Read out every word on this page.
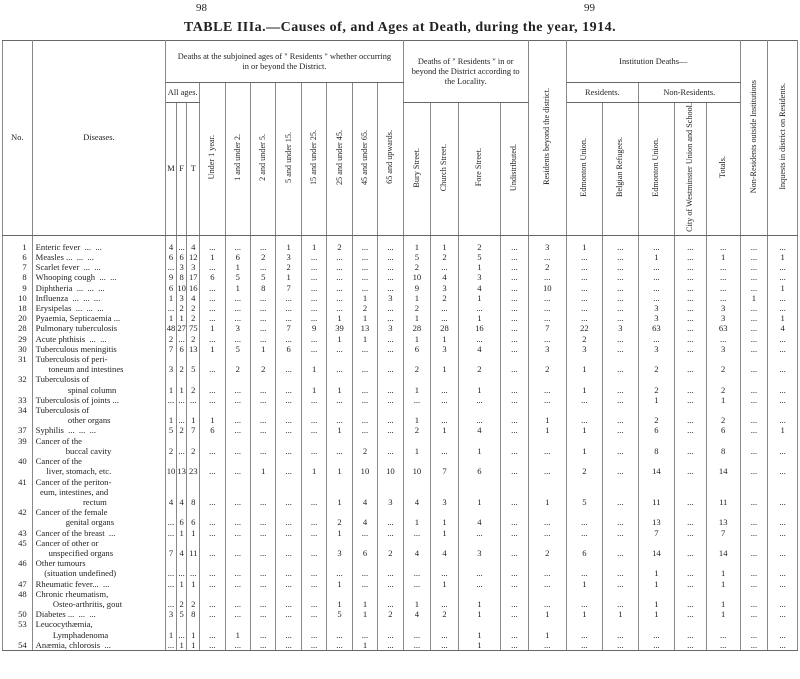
98	99
TABLE IIIa.—Causes of, and Ages at Death, during the year, 1914.
No.	Diseases.	Deaths at the subjoined ages of " Residents " whether occurring in or beyond the District.											Deaths of " Residents " in or beyond the District according to the Locality.				Residents beyond the district.	Institution Deaths—					Non-Residents outside Institutions	Inquests in district on Residents.
		All ages.			Under 1 year.	1 and under 2.	2 and under 5.	5 and under 15.	15 and under 25.	25 and under 45.	45 and under 65.	65 and upwards.						Residents.		Non-Residents.				
		M	F	T									Bury Street.	Church Street.	Fore Street.	Undistributed.		Edmonton Union.	Belgian Refugees.	Edmonton Union.	City of Westminster Union and School.	Totals.		

1	Enteric fever  ...  ...	4	...	4	...	...	...	1	1	2	...	...	1	1	2	...	3	1	...	...	...	...	...	...
6	Measles ...  ...  ...	6	6	12	1	6	2	3	...	...	...	...	5	2	5	...	...	...	...	1	...	1	...	1
7	Scarlet fever  ...  ...	...	3	3	...	1	...	2	...	...	...	...	2	...	1	...	2	...	...	...	...	...	...	...
8	Whooping cough  ...  ...	9	8	17	6	5	5	1	...	...	...	...	10	4	3	...	...	...	...	...	...	...	...	...
9	Diphtheria  ...  ...  ...	6	10	16	...	1	8	7	...	...	...	...	9	3	4	...	10	...	...	...	...	...	...	1
10	Influenza  ...  ...  ...	1	3	4	...	...	...	...	...	...	1	3	1	2	1	...	...	...	...	...	...	...	1	...
18	Erysipelas  ...  ...  ...	...	2	2	...	...	...	...	...	...	2	...	2	...	...	...	...	...	...	3	...	3	...	...
20	Pyaemia, Septicaemia ...	1	1	2	...	...	...	...	...	1	1	...	1	...	1	...	...	...	...	3	...	3	...	1
28	Pulmonary tuberculosis	48	27	75	1	3	...	7	9	39	13	3	28	28	16	...	7	22	3	63	...	63	...	4
29	Acute phthisis  ...  ...	2	...	2	...	...	...	...	...	1	1	...	1	1	...	...	...	2	...	...	...	...	...	...
30	Tuberculous meningitis	7	6	13	1	5	1	6	...	...	...	...	6	3	4	...	3	3	...	3	...	3	...	...
31	Tuberculosis of peri-																							
	toneum and intestines	3	2	5	...	2	2	...	1	...	...	...	2	1	2	...	2	1	...	2	...	2	...	...
32	Tuberculosis of																							
	spinal column	1	1	2	...	...	...	...	1	1	...	...	1	...	1	...	...	1	...	2	...	2	...	...
33	Tuberculosis of joints ...	...	...	...	...	...	...	...	...	...	...	...	...	...	...	...	...	...	...	1	...	1	...	...
34	Tuberculosis of																							
	other organs	1	...	1	1	...	...	...	...	...	...	...	1	...	...	...	1	...	...	2	...	2	...	...
37	Syphilis  ...  ...  ...	5	2	7	6	...	...	...	...	1	...	...	2	1	4	...	1	1	...	6	...	6	...	1
39	Cancer of the																							
	buccal cavity	2	...	2	...	...	...	...	...	...	2	...	1	...	1	...	...	1	...	8	...	8	...	...
40	Cancer of the																							
	liver, stomach, etc.	10	13	23	...	...	1	...	1	1	10	10	10	7	6	...	...	2	...	14	...	14	...	...
41	Cancer of the periton-																							
	eum, intestines, and																							
	rectum	4	4	8	...	...	...	...	...	1	4	3	4	3	1	...	1	5	...	11	...	11	...	...
42	Cancer of the female																							
	genital organs	...	6	6	...	...	...	...	...	2	4	...	1	1	4	...	...	...	...	13	...	13	...	...
43	Cancer of the breast  ...	...	1	1	...	...	...	...	...	1	...	...	...	1	...	...	...	...	...	7	...	7	...	...
45	Cancer of other or																							
	unspecified organs	7	4	11	...	...	...	...	...	3	6	2	4	4	3	...	2	6	...	14	...	14	...	...
46	Other tumours																							
	(situation undefined)	...	...	...	...	...	...	...	...	...	...	...	...	...	...	...	...	...	...	1	...	1	...	...
47	Rheumatic fever...  ...	...	1	1	...	...	...	...	...	1	...	...	...	1	...	...	...	1	...	1	...	1	...	...
48	Chronic rheumatism,																							
	Osteo-arthritis, gout	...	2	2	...	...	...	...	...	1	1	...	1	...	1	...	...	...	...	1	...	1	...	...
50	Diabetes ...  ...  ...	3	5	8	...	...	...	...	...	5	1	2	4	2	1	...	1	1	1	1	...	1	...	...
53	Leucocythæmia,																							
	Lymphadenoma	1	...	1	...	1	...	...	...	...	...	...	...	...	1	...	1	...	...	...	...	...	...	...
54	Anæmia, chlorosis  ...	...	1	1	...	...	...	...	...	...	1	...	...	...	1	...	...	...	...	...	...	...	...	...
